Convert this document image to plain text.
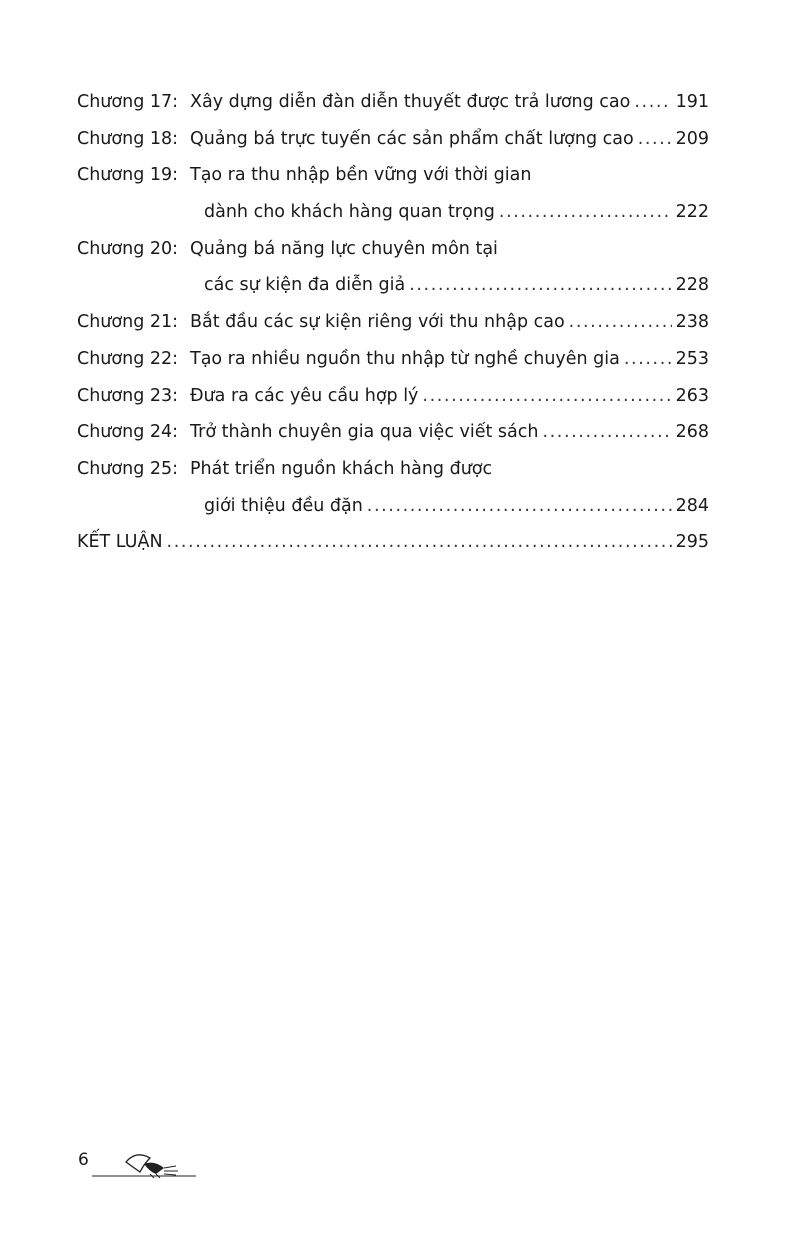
Chương 17: Xây dựng diễn đàn diễn thuyết được trả lương cao .....	191
Chương 18: Quảng bá trực tuyến các sản phẩm chất lượng cao ..... 209
Chương 19: Tạo ra thu nhập bền vững với thời gian
dành cho khách hàng quan trọng .....	222
Chương 20: Quảng bá năng lực chuyên môn tại
các sự kiện đa diễn giả .....	228
Chương 21: Bắt đầu các sự kiện riêng với thu nhập cao .....	238
Chương 22: Tạo ra nhiều nguồn thu nhập từ nghề chuyên gia .....	253
Chương 23: Đưa ra các yêu cầu hợp lý .....	263
Chương 24: Trở thành chuyên gia qua việc viết sách .....	268
Chương 25: Phát triển nguồn khách hàng được
giới thiệu đều đặn .....	284
KẾT LUẬN .....	295
6
